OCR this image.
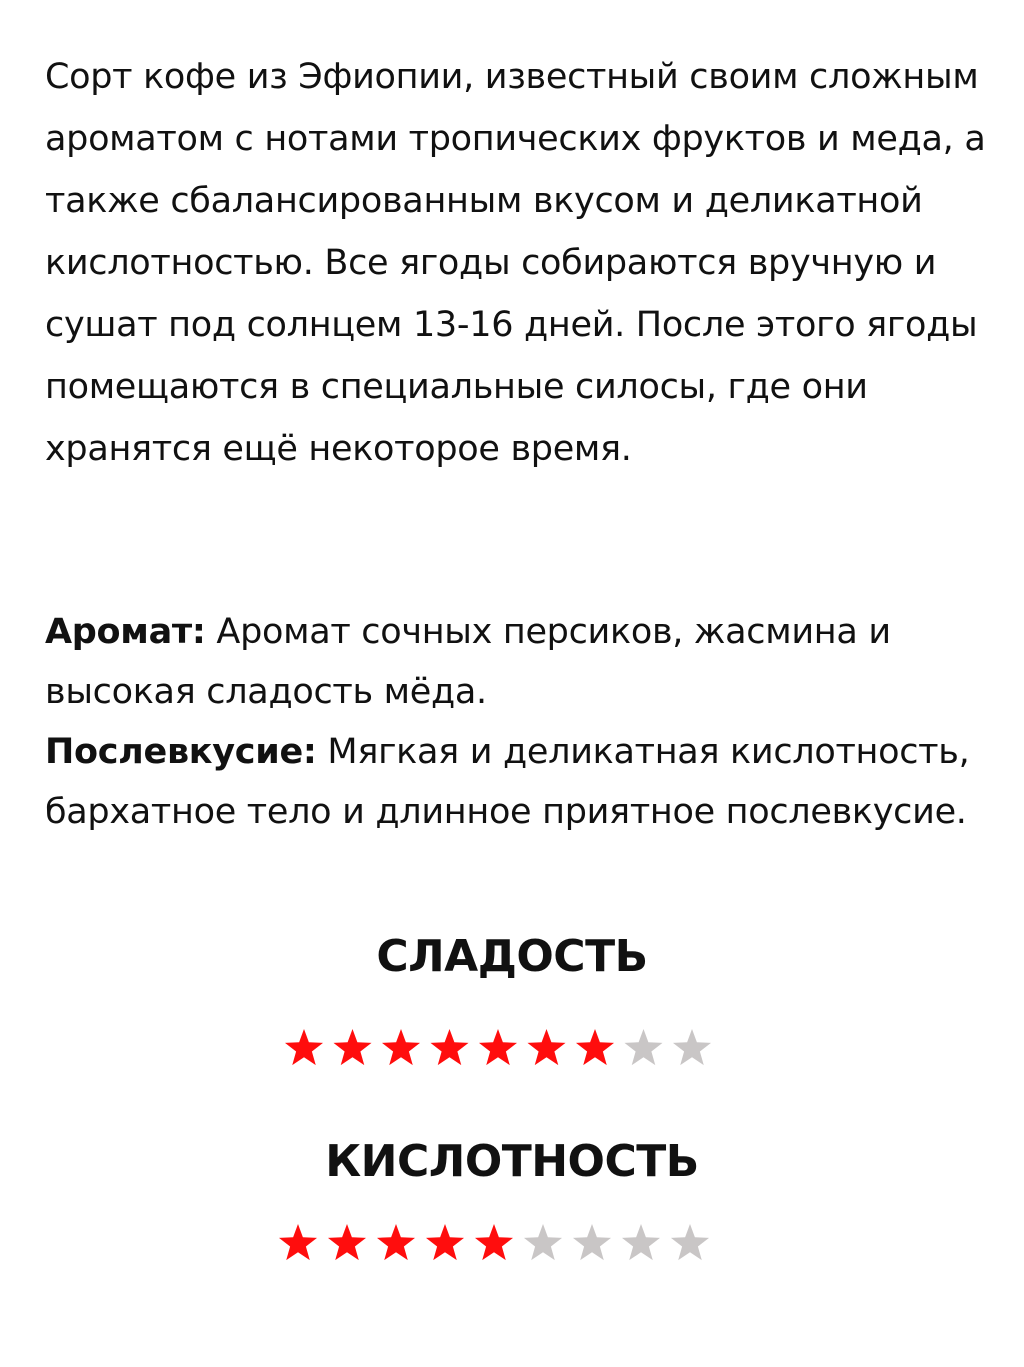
Сорт кофе из Эфиопии, известный своим сложным ароматом с нотами тропических фруктов и меда, а также сбалансированным вкусом и деликатной кислотностью. Все ягоды собираются вручную и сушат под солнцем 13-16 дней. После этого ягоды помещаются в специальные силосы, где они хранятся ещё некоторое время.

Аромат: Аромат сочных персиков, жасмина и высокая сладость мёда.

Послевкусие: Мягкая и деликатная кислотность, бархатное тело и длинное приятное послевкусие.

СЛАДОСТЬ
КИСЛОТНОСТЬ
